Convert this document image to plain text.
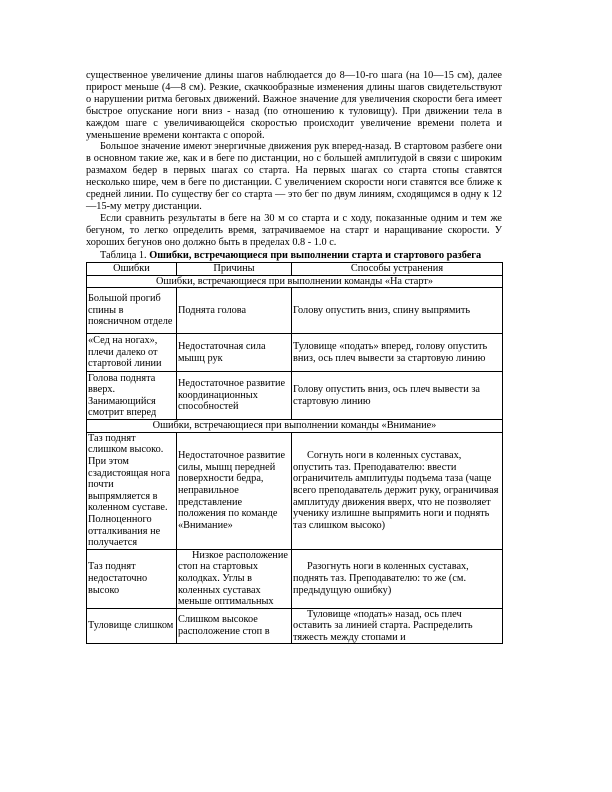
существенное увеличение длины шагов наблюдается до 8—10-го шага (на 10—15 см), далее прирост меньше (4—8 см). Резкие, скачкообразные изменения длины шагов свидетельствуют о нарушении ритма беговых движений. Важное значение для увеличения скорости бега имеет быстрое опускание ноги вниз - назад (по отношению к туловищу). При движении тела в каждом шаге с увеличивающейся скоростью происходит увеличение времени полета и уменьшение времени контакта с опорой.

Большое значение имеют энергичные движения рук вперед-назад. В стартовом разбеге они в основном такие же, как и в беге по дистанции, но с большей амплитудой в связи с широким размахом бедер в первых шагах со старта. На первых шагах со старта стопы ставятся несколько шире, чем в беге по дистанции. С увеличением скорости ноги ставятся все ближе к средней линии. По существу бег со старта — это бег по двум линиям, сходящимся в одну к 12—15-му метру дистанции.

Если сравнить результаты в беге на 30 м со старта и с ходу, показанные одним и тем же бегуном, то легко определить время, затрачиваемое на старт и наращивание скорости. У хороших бегунов оно должно быть в пределах 0.8 - 1.0 с.

Таблица 1. Ошибки, встречающиеся при выполнении старта и стартового разбега
Ошибки	Причины	Способы устранения
Ошибки, встречающиеся при выполнении команды «На старт»		
Большой прогиб спины в поясничном отделе	Поднята голова	Голову опустить вниз, спину выпрямить
«Сед на ногах», плечи далеко от стартовой линии	Недостаточная сила мышц рук	Туловище «подать» вперед, голову опустить вниз, ось плеч вывести за стартовую линию
Голова поднята вверх. Занимающийся смотрит вперед	Недостаточное развитие координационных способностей	Голову опустить вниз, ось плеч вывести за стартовую линию
Ошибки, встречающиеся при выполнении команды «Внимание»		
Таз поднят слишком высоко. При этом сзадистоящая нога почти выпрямляется в коленном суставе. Полноценного отталкивания не получается	Недостаточное развитие силы, мышц передней поверхности бедра, неправильное представление положения по команде «Внимание»	Согнуть ноги в коленных суставах, опустить таз. Преподавателю: ввести ограничитель амплитуды подъема таза (чаще всего преподаватель держит руку, ограничивая амплитуду движения вверх, что не позволяет ученику излишне выпрямить ноги и поднять таз слишком высоко)
Таз поднят недостаточно высоко	Низкое расположение стоп на стартовых колодках. Углы в коленных суставах меньше оптимальных	Разогнуть ноги в коленных суставах, поднять таз. Преподавателю: то же (см. предыдущую ошибку)
Туловище слишком	Слишком высокое расположение стоп в	Туловище «подать» назад, ось плеч оставить за линией старта. Распределить тяжесть между стопами и
